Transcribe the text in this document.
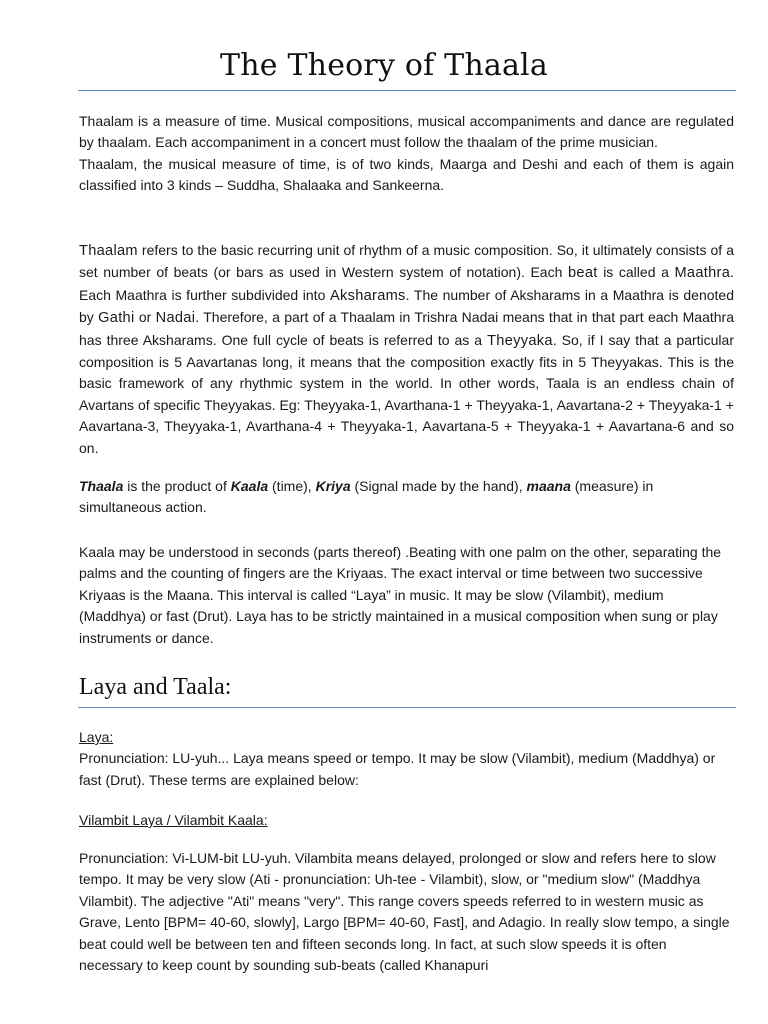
The Theory of Thaala

Thaalam is a measure of time. Musical compositions, musical accompaniments and dance are regulated by thaalam. Each accompaniment in a concert must follow the thaalam of the prime musician.

Thaalam, the musical measure of time, is of two kinds, Maarga and Deshi and each of them is again classified into 3 kinds – Suddha, Shalaaka and Sankeerna.

Thaalam refers to the basic recurring unit of rhythm of a music composition. So, it ultimately consists of a set number of beats (or bars as used in Western system of notation). Each beat is called a Maathra. Each Maathra is further subdivided into Aksharams. The number of Aksharams in a Maathra is denoted by Gathi or Nadai. Therefore, a part of a Thaalam in Trishra Nadai means that in that part each Maathra has three Aksharams. One full cycle of beats is referred to as a Theyyaka. So, if I say that a particular composition is 5 Aavartanas long, it means that the composition exactly fits in 5 Theyyakas. This is the basic framework of any rhythmic system in the world. In other words, Taala is an endless chain of Avartans of specific Theyyakas. Eg: Theyyaka-1, Avarthana-1 + Theyyaka-1, Aavartana-2 + Theyyaka-1 + Aavartana-3, Theyyaka-1, Avarthana-4 + Theyyaka-1, Aavartana-5 + Theyyaka-1 + Aavartana-6 and so on.

Thaala is the product of Kaala (time), Kriya (Signal made by the hand), maana (measure) in simultaneous action.

Kaala may be understood in seconds (parts thereof) .Beating with one palm on the other, separating the palms and the counting of fingers are the Kriyaas. The exact interval or time between two successive Kriyaas is the Maana. This interval is called “Laya” in music. It may be slow (Vilambit), medium (Maddhya) or fast (Drut). Laya has to be strictly maintained in a musical composition when sung or play instruments or dance.

Laya and Taala:

Laya:

Pronunciation: LU-yuh... Laya means speed or tempo. It may be slow (Vilambit), medium (Maddhya) or fast (Drut). These terms are explained below:

Vilambit Laya / Vilambit Kaala:

Pronunciation: Vi-LUM-bit LU-yuh. Vilambita means delayed, prolonged or slow and refers here to slow tempo. It may be very slow (Ati - pronunciation: Uh-tee - Vilambit), slow, or "medium slow" (Maddhya Vilambit). The adjective "Ati" means "very". This range covers speeds referred to in western music as Grave, Lento [BPM= 40-60, slowly], Largo [BPM= 40-60, Fast], and Adagio. In really slow tempo, a single beat could well be between ten and fifteen seconds long. In fact, at such slow speeds it is often necessary to keep count by sounding sub-beats (called Khanapuri
